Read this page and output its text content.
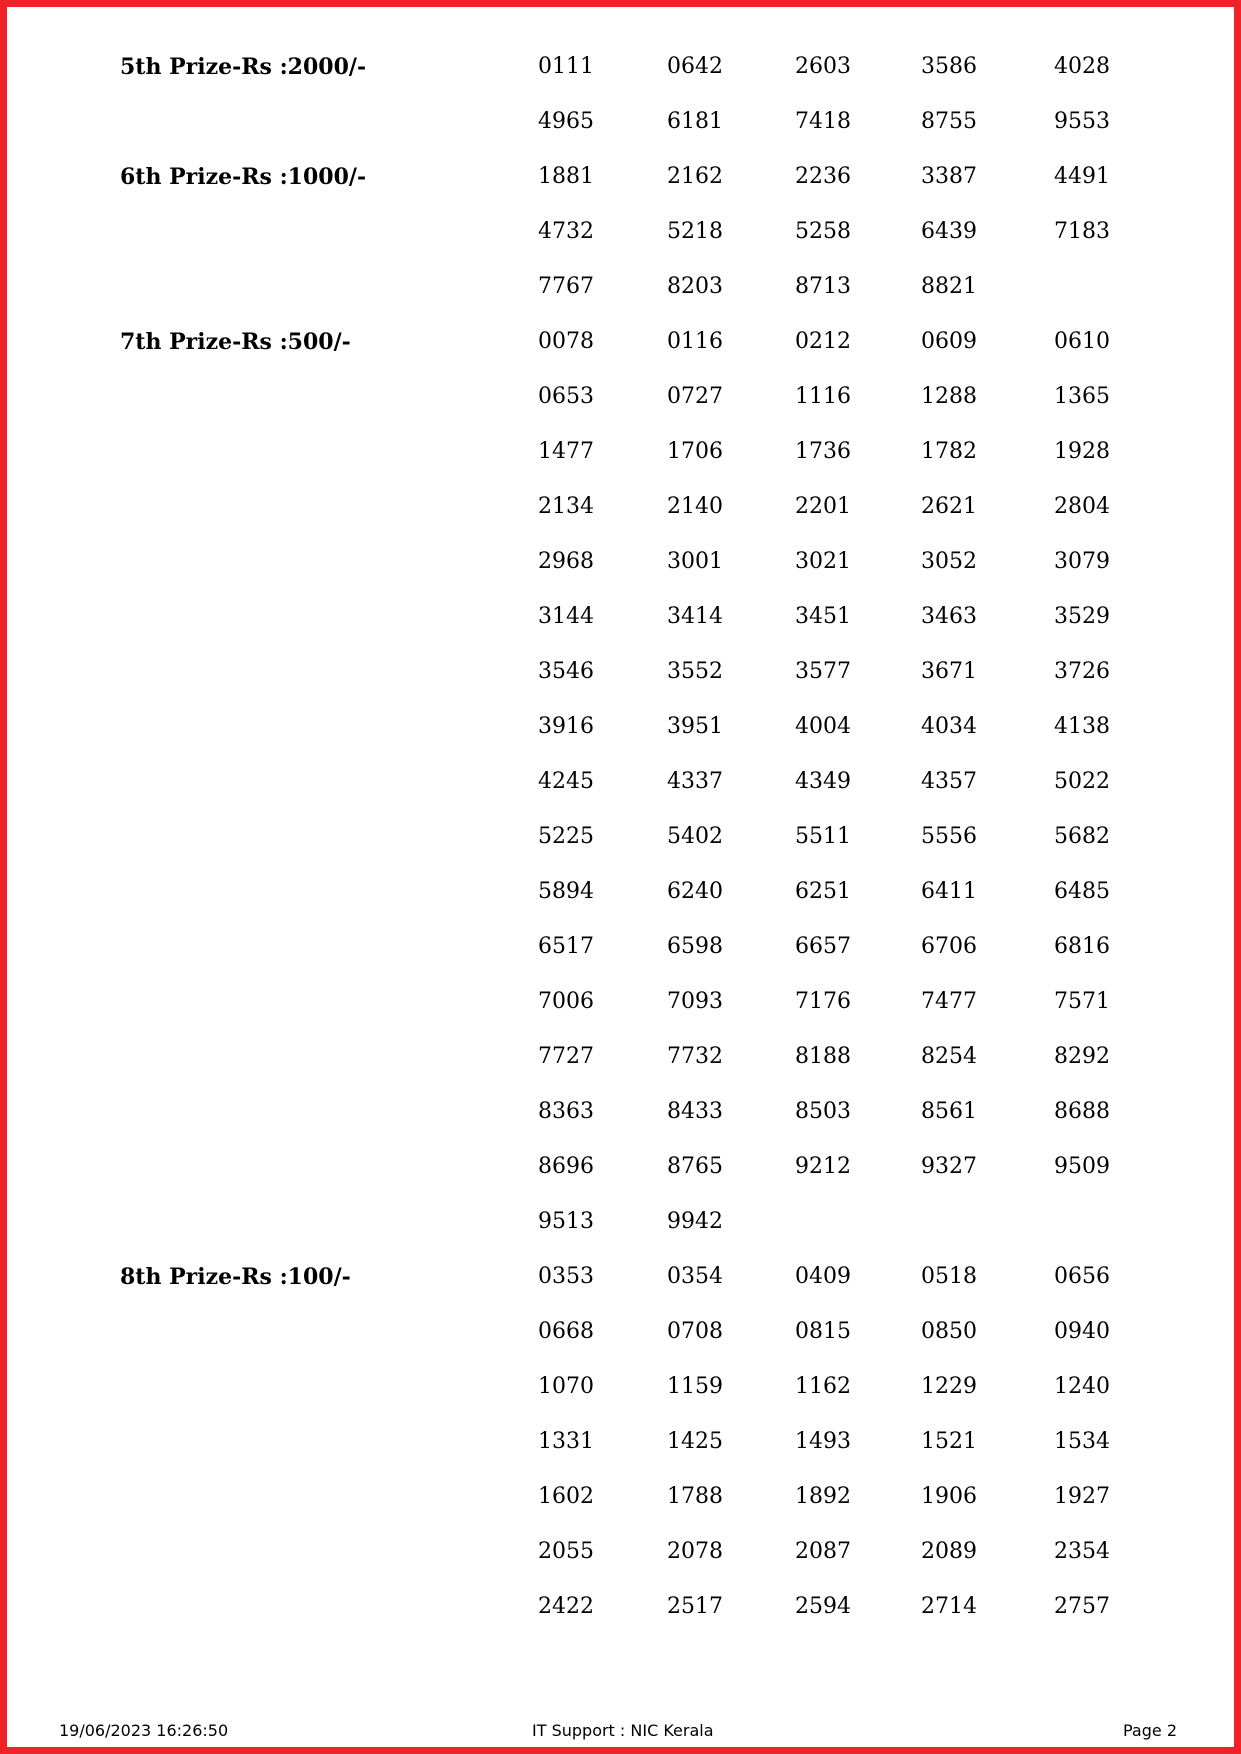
5th Prize-Rs :2000/-	0111	0642	2603	3586	4028
4965	6181	7418	8755	9553
6th Prize-Rs :1000/-	1881	2162	2236	3387	4491
4732	5218	5258	6439	7183
7767	8203	8713	8821
7th Prize-Rs :500/-	0078	0116	0212	0609	0610
0653	0727	1116	1288	1365
1477	1706	1736	1782	1928
2134	2140	2201	2621	2804
2968	3001	3021	3052	3079
3144	3414	3451	3463	3529
3546	3552	3577	3671	3726
3916	3951	4004	4034	4138
4245	4337	4349	4357	5022
5225	5402	5511	5556	5682
5894	6240	6251	6411	6485
6517	6598	6657	6706	6816
7006	7093	7176	7477	7571
7727	7732	8188	8254	8292
8363	8433	8503	8561	8688
8696	8765	9212	9327	9509
9513	9942
8th Prize-Rs :100/-	0353	0354	0409	0518	0656
0668	0708	0815	0850	0940
1070	1159	1162	1229	1240
1331	1425	1493	1521	1534
1602	1788	1892	1906	1927
2055	2078	2087	2089	2354
2422	2517	2594	2714	2757
19/06/2023 16:26:50	IT Support : NIC Kerala	Page 2
